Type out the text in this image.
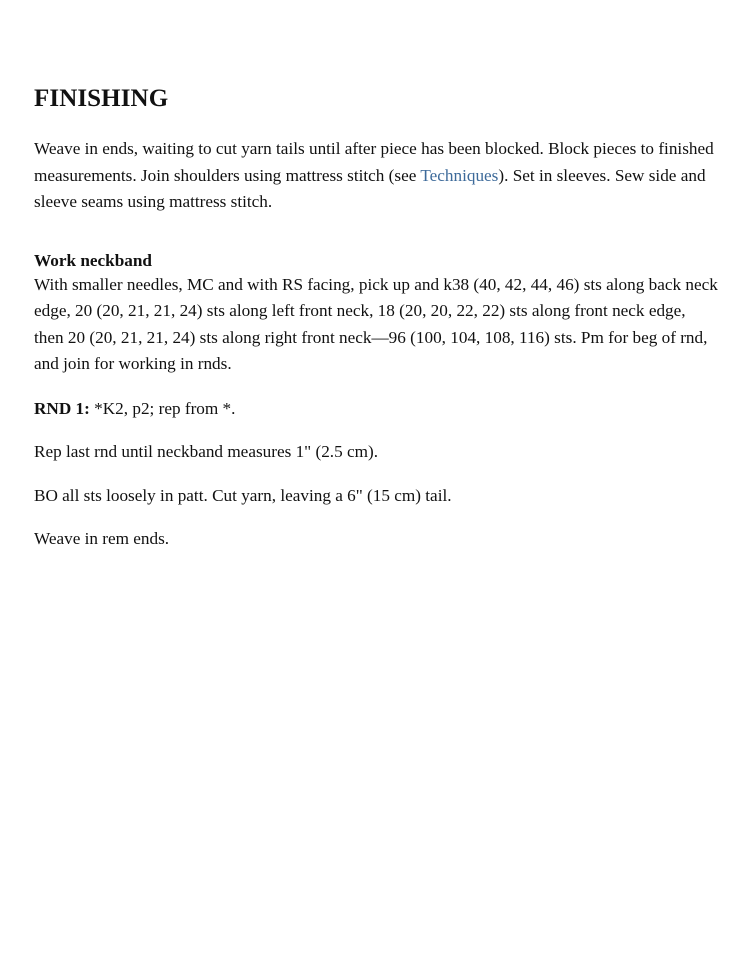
FINISHING

Weave in ends, waiting to cut yarn tails until after piece has been blocked. Block pieces to finished measurements. Join shoulders using mattress stitch (see Techniques). Set in sleeves. Sew side and sleeve seams using mattress stitch.

Work neckband
With smaller needles, MC and with RS facing, pick up and k38 (40, 42, 44, 46) sts along back neck edge, 20 (20, 21, 21, 24) sts along left front neck, 18 (20, 20, 22, 22) sts along front neck edge, then 20 (20, 21, 21, 24) sts along right front neck—96 (100, 104, 108, 116) sts. Pm for beg of rnd, and join for working in rnds.

RND 1: *K2, p2; rep from *.

Rep last rnd until neckband measures 1" (2.5 cm).

BO all sts loosely in patt. Cut yarn, leaving a 6" (15 cm) tail.

Weave in rem ends.
